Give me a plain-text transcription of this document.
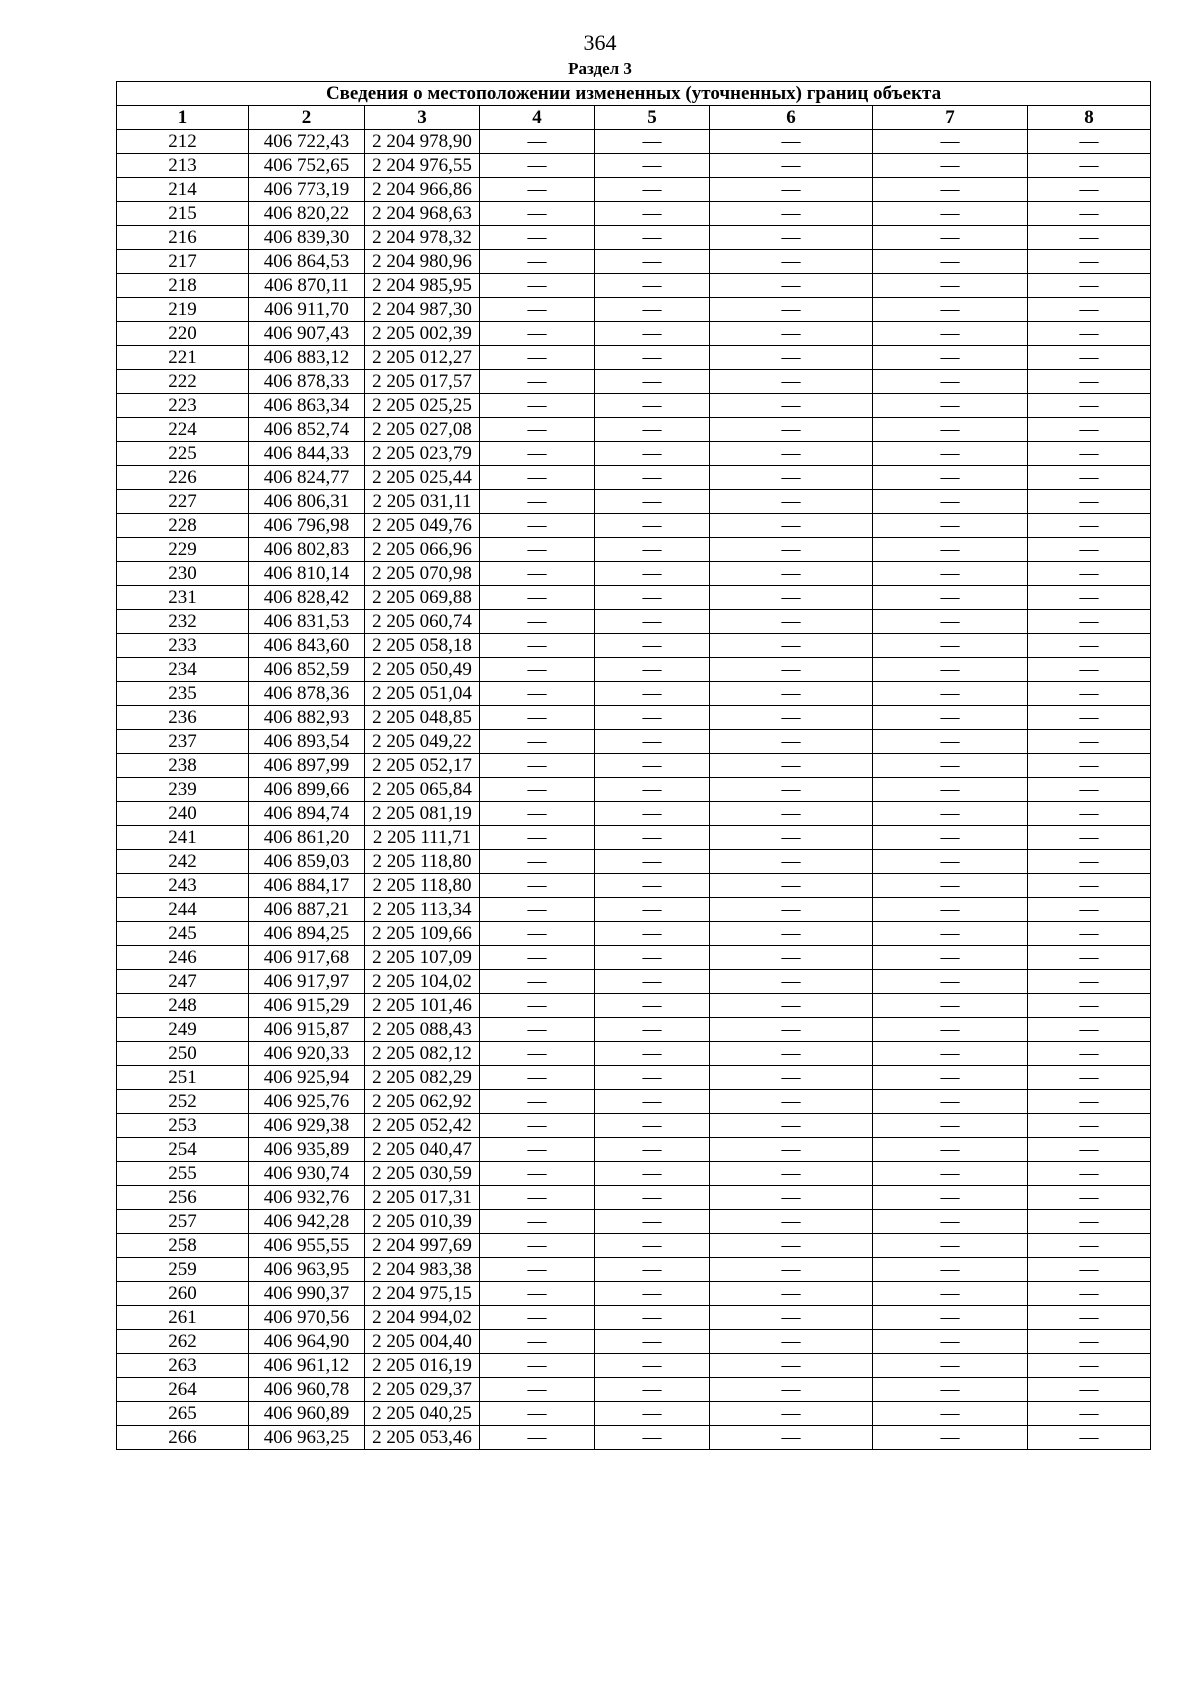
364
Раздел 3
Сведения о местоположении измененных (уточненных) границ объекта							
1	2	3	4	5	6	7	8
212	406 722,43	2 204 978,90	—	—	—	—	—
213	406 752,65	2 204 976,55	—	—	—	—	—
214	406 773,19	2 204 966,86	—	—	—	—	—
215	406 820,22	2 204 968,63	—	—	—	—	—
216	406 839,30	2 204 978,32	—	—	—	—	—
217	406 864,53	2 204 980,96	—	—	—	—	—
218	406 870,11	2 204 985,95	—	—	—	—	—
219	406 911,70	2 204 987,30	—	—	—	—	—
220	406 907,43	2 205 002,39	—	—	—	—	—
221	406 883,12	2 205 012,27	—	—	—	—	—
222	406 878,33	2 205 017,57	—	—	—	—	—
223	406 863,34	2 205 025,25	—	—	—	—	—
224	406 852,74	2 205 027,08	—	—	—	—	—
225	406 844,33	2 205 023,79	—	—	—	—	—
226	406 824,77	2 205 025,44	—	—	—	—	—
227	406 806,31	2 205 031,11	—	—	—	—	—
228	406 796,98	2 205 049,76	—	—	—	—	—
229	406 802,83	2 205 066,96	—	—	—	—	—
230	406 810,14	2 205 070,98	—	—	—	—	—
231	406 828,42	2 205 069,88	—	—	—	—	—
232	406 831,53	2 205 060,74	—	—	—	—	—
233	406 843,60	2 205 058,18	—	—	—	—	—
234	406 852,59	2 205 050,49	—	—	—	—	—
235	406 878,36	2 205 051,04	—	—	—	—	—
236	406 882,93	2 205 048,85	—	—	—	—	—
237	406 893,54	2 205 049,22	—	—	—	—	—
238	406 897,99	2 205 052,17	—	—	—	—	—
239	406 899,66	2 205 065,84	—	—	—	—	—
240	406 894,74	2 205 081,19	—	—	—	—	—
241	406 861,20	2 205 111,71	—	—	—	—	—
242	406 859,03	2 205 118,80	—	—	—	—	—
243	406 884,17	2 205 118,80	—	—	—	—	—
244	406 887,21	2 205 113,34	—	—	—	—	—
245	406 894,25	2 205 109,66	—	—	—	—	—
246	406 917,68	2 205 107,09	—	—	—	—	—
247	406 917,97	2 205 104,02	—	—	—	—	—
248	406 915,29	2 205 101,46	—	—	—	—	—
249	406 915,87	2 205 088,43	—	—	—	—	—
250	406 920,33	2 205 082,12	—	—	—	—	—
251	406 925,94	2 205 082,29	—	—	—	—	—
252	406 925,76	2 205 062,92	—	—	—	—	—
253	406 929,38	2 205 052,42	—	—	—	—	—
254	406 935,89	2 205 040,47	—	—	—	—	—
255	406 930,74	2 205 030,59	—	—	—	—	—
256	406 932,76	2 205 017,31	—	—	—	—	—
257	406 942,28	2 205 010,39	—	—	—	—	—
258	406 955,55	2 204 997,69	—	—	—	—	—
259	406 963,95	2 204 983,38	—	—	—	—	—
260	406 990,37	2 204 975,15	—	—	—	—	—
261	406 970,56	2 204 994,02	—	—	—	—	—
262	406 964,90	2 205 004,40	—	—	—	—	—
263	406 961,12	2 205 016,19	—	—	—	—	—
264	406 960,78	2 205 029,37	—	—	—	—	—
265	406 960,89	2 205 040,25	—	—	—	—	—
266	406 963,25	2 205 053,46	—	—	—	—	—
